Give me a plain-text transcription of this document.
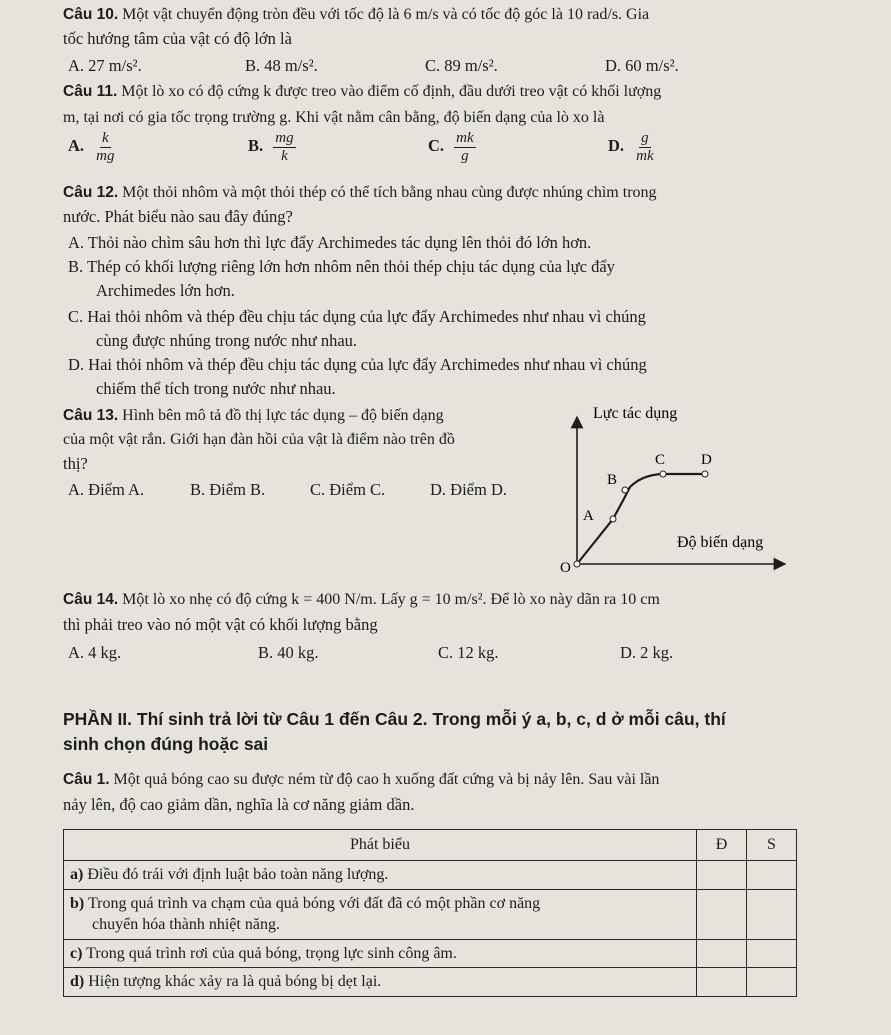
Câu 10. Một vật chuyển động tròn đều với tốc độ là 6 m/s và có tốc độ góc là 10 rad/s. Gia
tốc hướng tâm của vật có độ lớn là
A. 27 m/s².	B. 48 m/s².	C. 89 m/s².	D. 60 m/s².
Câu 11. Một lò xo có độ cứng k được treo vào điểm cố định, đầu dưới treo vật có khối lượng
m, tại nơi có gia tốc trọng trường g. Khi vật nằm cân bằng, độ biến dạng của lò xo là
A. $\frac{k}{mg}$	B. $\frac{mg}{k}$	C. $\frac{mk}{g}$	D. $\frac{g}{mk}$
Câu 12. Một thỏi nhôm và một thỏi thép có thể tích bằng nhau cùng được nhúng chìm trong
nước. Phát biểu nào sau đây đúng?
A. Thỏi nào chìm sâu hơn thì lực đẩy Archimedes tác dụng lên thỏi đó lớn hơn.
B. Thép có khối lượng riêng lớn hơn nhôm nên thỏi thép chịu tác dụng của lực đẩy
Archimedes lớn hơn.
C. Hai thỏi nhôm và thép đều chịu tác dụng của lực đẩy Archimedes như nhau vì chúng
cùng được nhúng trong nước như nhau.
D. Hai thỏi nhôm và thép đều chịu tác dụng của lực đẩy Archimedes như nhau vì chúng
chiếm thể tích trong nước như nhau.
Câu 13. Hình bên mô tả đồ thị lực tác dụng – độ biến dạng
của một vật rắn. Giới hạn đàn hồi của vật là điểm nào trên đồ
thị?
A. Điểm A.	B. Điểm B.	C. Điểm C.	D. Điểm D.
Lực tác dụng
Độ biến dạng
O
A
B
C D
Câu 14. Một lò xo nhẹ có độ cứng k = 400 N/m. Lấy g = 10 m/s². Để lò xo này dãn ra 10 cm
thì phải treo vào nó một vật có khối lượng bằng
A. 4 kg.	B. 40 kg.	C. 12 kg.	D. 2 kg.
PHẦN II. Thí sinh trả lời từ Câu 1 đến Câu 2. Trong mỗi ý a, b, c, d ở mỗi câu, thí
sinh chọn đúng hoặc sai
Câu 1. Một quả bóng cao su được ném từ độ cao h xuống đất cứng và bị nảy lên. Sau vài lần
nảy lên, độ cao giảm dần, nghĩa là cơ năng giảm dần.
Phát biểu	Đ	S
a) Điều đó trái với định luật bảo toàn năng lượng.		
b) Trong quá trình va chạm của quả bóng với đất đã có một phần cơ năng
chuyển hóa thành nhiệt năng.		
c) Trong quá trình rơi của quả bóng, trọng lực sinh công âm.		
d) Hiện tượng khác xảy ra là quả bóng bị dẹt lại.		
